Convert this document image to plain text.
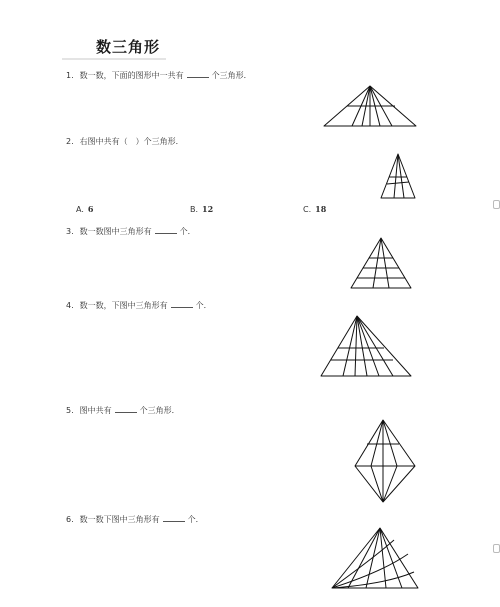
数三角形
1. 数一数，下面的图形中一共有	个三角形．
2. 右图中共有（　）个三角形．
A. 6	B. 12	C. 18
3. 数一数图中三角形有	个．
4. 数一数，下图中三角形有	个．
5. 图中共有	个三角形．
6. 数一数下图中三角形有	个．
